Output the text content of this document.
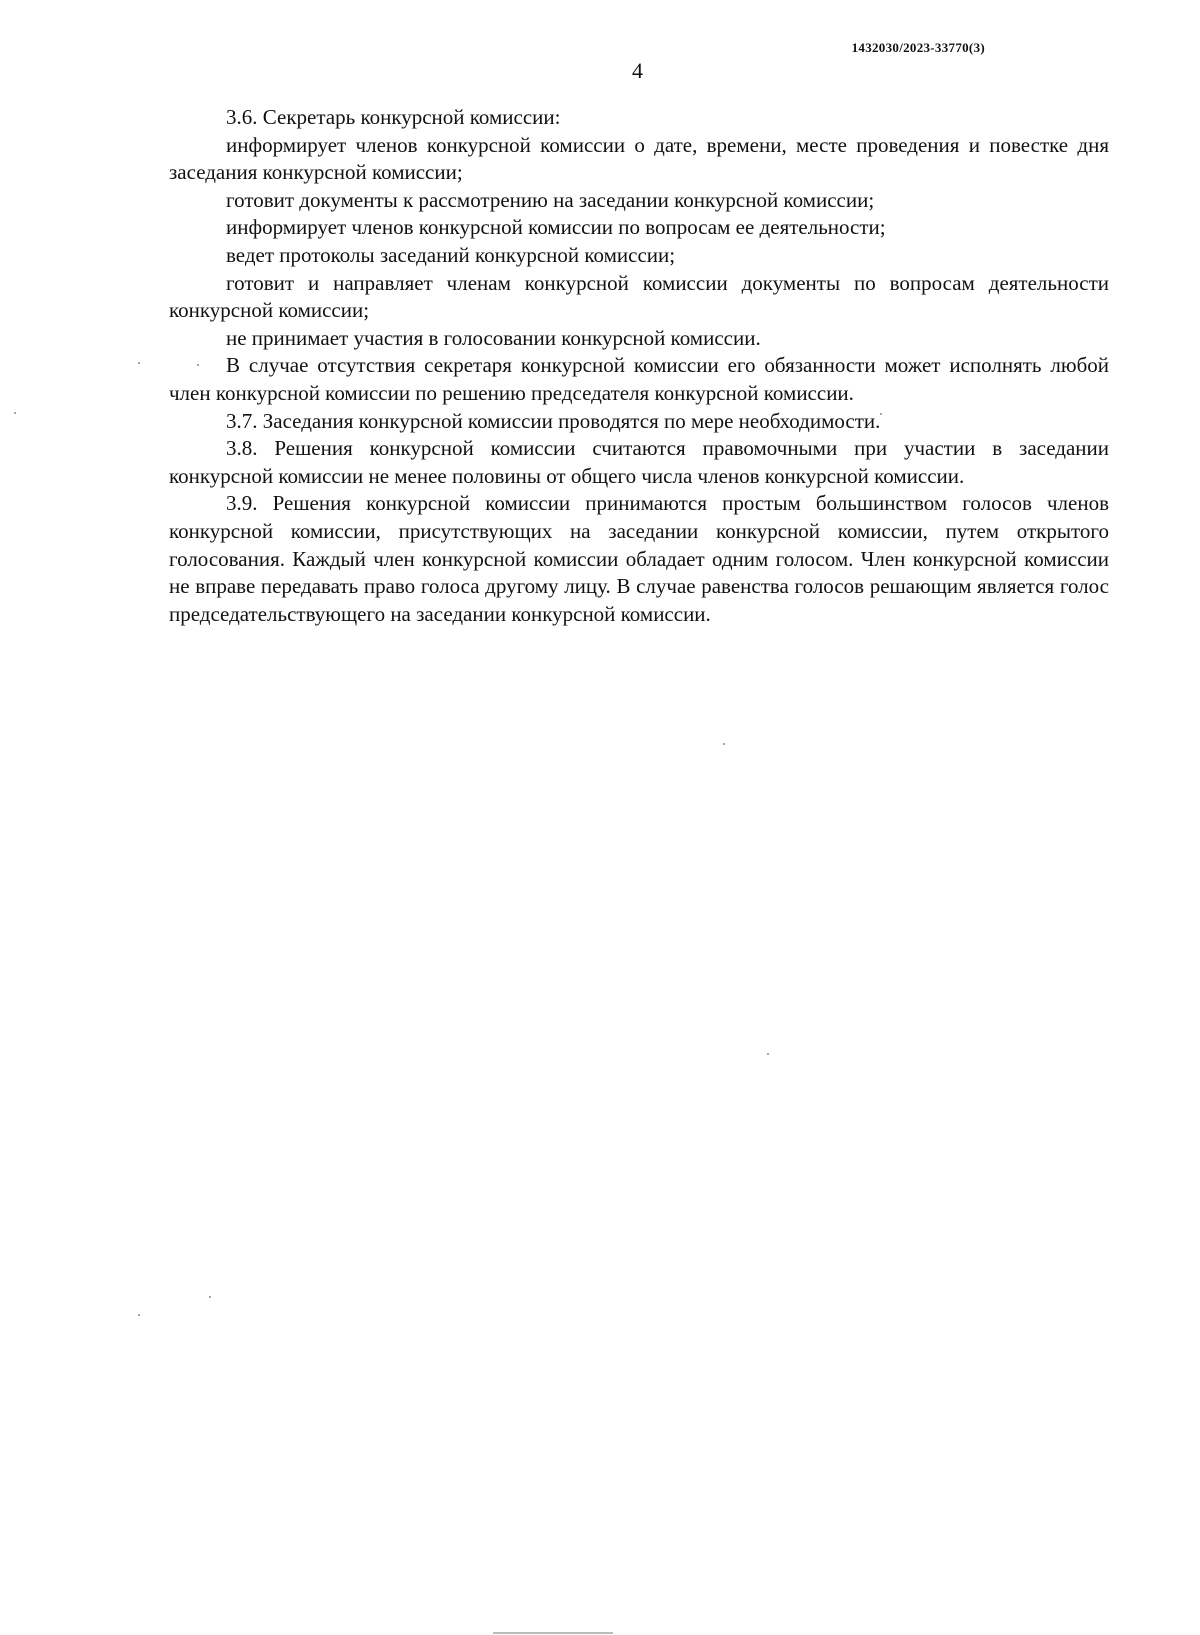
1432030/2023-33770(3)
4

3.6. Секретарь конкурсной комиссии:

информирует членов конкурсной комиссии о дате, времени, месте проведения и повестке дня заседания конкурсной комиссии;

готовит документы к рассмотрению на заседании конкурсной комиссии;

информирует членов конкурсной комиссии по вопросам ее деятельности;

ведет протоколы заседаний конкурсной комиссии;

готовит и направляет членам конкурсной комиссии документы по вопросам деятельности конкурсной комиссии;

не принимает участия в голосовании конкурсной комиссии.

В случае отсутствия секретаря конкурсной комиссии его обязанности может исполнять любой член конкурсной комиссии по решению председателя конкурсной комиссии.

3.7. Заседания конкурсной комиссии проводятся по мере необходимости.

3.8. Решения конкурсной комиссии считаются правомочными при участии в заседании конкурсной комиссии не менее половины от общего числа членов конкурсной комиссии.

3.9. Решения конкурсной комиссии принимаются простым большинством голосов членов конкурсной комиссии, присутствующих на заседании конкурсной комиссии, путем открытого голосования. Каждый член конкурсной комиссии обладает одним голосом. Член конкурсной комиссии не вправе передавать право голоса другому лицу. В случае равенства голосов решающим является голос председательствующего на заседании конкурсной комиссии.
